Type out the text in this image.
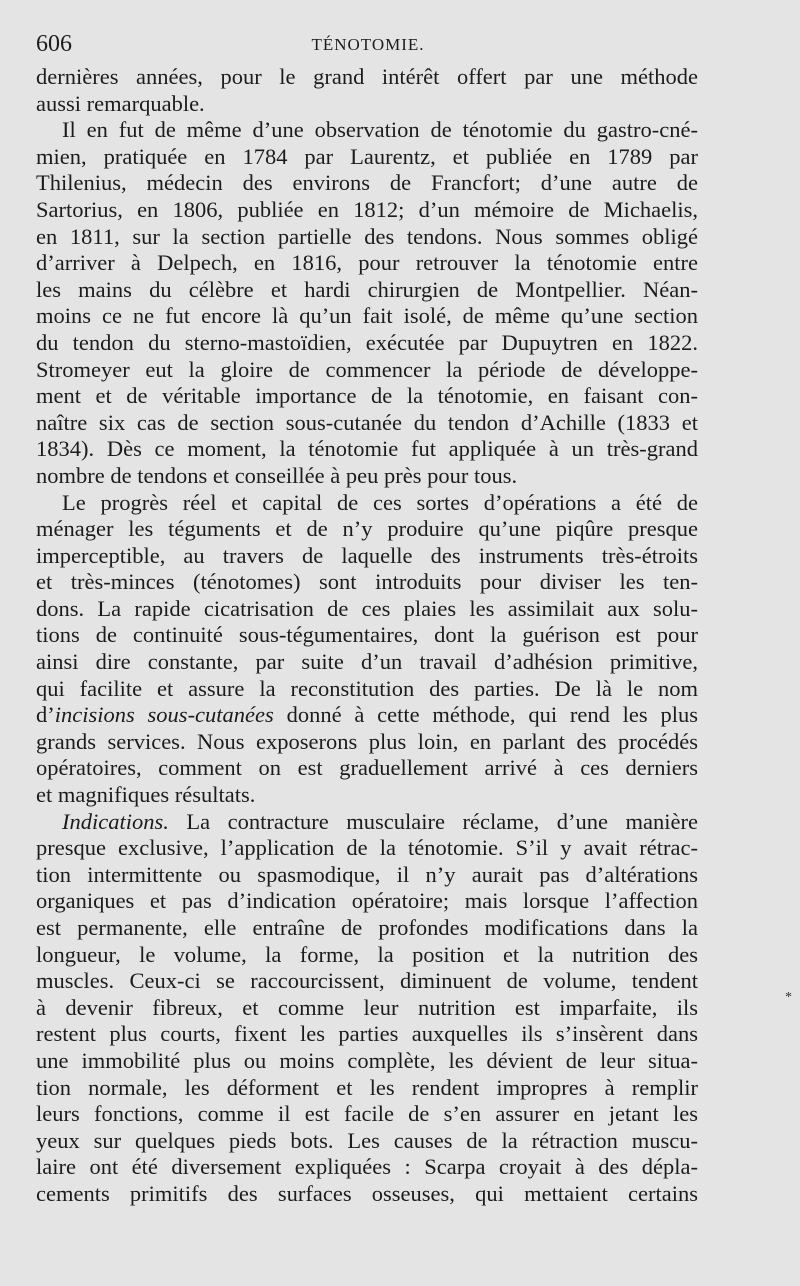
606	TÉNOTOMIE.
dernières années, pour le grand intérêt offert par une méthode
aussi remarquable.
Il en fut de même d’une observation de ténotomie du gastro-cné-
mien, pratiquée en 1784 par Laurentz, et publiée en 1789 par
Thilenius, médecin des environs de Francfort; d’une autre de
Sartorius, en 1806, publiée en 1812; d’un mémoire de Michaelis,
en 1811, sur la section partielle des tendons. Nous sommes obligé
d’arriver à Delpech, en 1816, pour retrouver la ténotomie entre
les mains du célèbre et hardi chirurgien de Montpellier. Néan-
moins ce ne fut encore là qu’un fait isolé, de même qu’une section
du tendon du sterno-mastoïdien, exécutée par Dupuytren en 1822.
Stromeyer eut la gloire de commencer la période de développe-
ment et de véritable importance de la ténotomie, en faisant con-
naître six cas de section sous-cutanée du tendon d’Achille (1833 et
1834). Dès ce moment, la ténotomie fut appliquée à un très-grand
nombre de tendons et conseillée à peu près pour tous.
Le progrès réel et capital de ces sortes d’opérations a été de
ménager les téguments et de n’y produire qu’une piqûre presque
imperceptible, au travers de laquelle des instruments très-étroits
et très-minces (ténotomes) sont introduits pour diviser les ten-
dons. La rapide cicatrisation de ces plaies les assimilait aux solu-
tions de continuité sous-tégumentaires, dont la guérison est pour
ainsi dire constante, par suite d’un travail d’adhésion primitive,
qui facilite et assure la reconstitution des parties. De là le nom
d’incisions sous-cutanées donné à cette méthode, qui rend les plus
grands services. Nous exposerons plus loin, en parlant des procédés
opératoires, comment on est graduellement arrivé à ces derniers
et magnifiques résultats.
Indications. La contracture musculaire réclame, d’une manière
presque exclusive, l’application de la ténotomie. S’il y avait rétrac-
tion intermittente ou spasmodique, il n’y aurait pas d’altérations
organiques et pas d’indication opératoire; mais lorsque l’affection
est permanente, elle entraîne de profondes modifications dans la
longueur, le volume, la forme, la position et la nutrition des
muscles. Ceux-ci se raccourcissent, diminuent de volume, tendent
à devenir fibreux, et comme leur nutrition est imparfaite, ils
restent plus courts, fixent les parties auxquelles ils s’insèrent dans
une immobilité plus ou moins complète, les dévient de leur situa-
tion normale, les déforment et les rendent impropres à remplir
leurs fonctions, comme il est facile de s’en assurer en jetant les
yeux sur quelques pieds bots. Les causes de la rétraction muscu-
laire ont été diversement expliquées : Scarpa croyait à des dépla-
cements primitifs des surfaces osseuses, qui mettaient certains
*
